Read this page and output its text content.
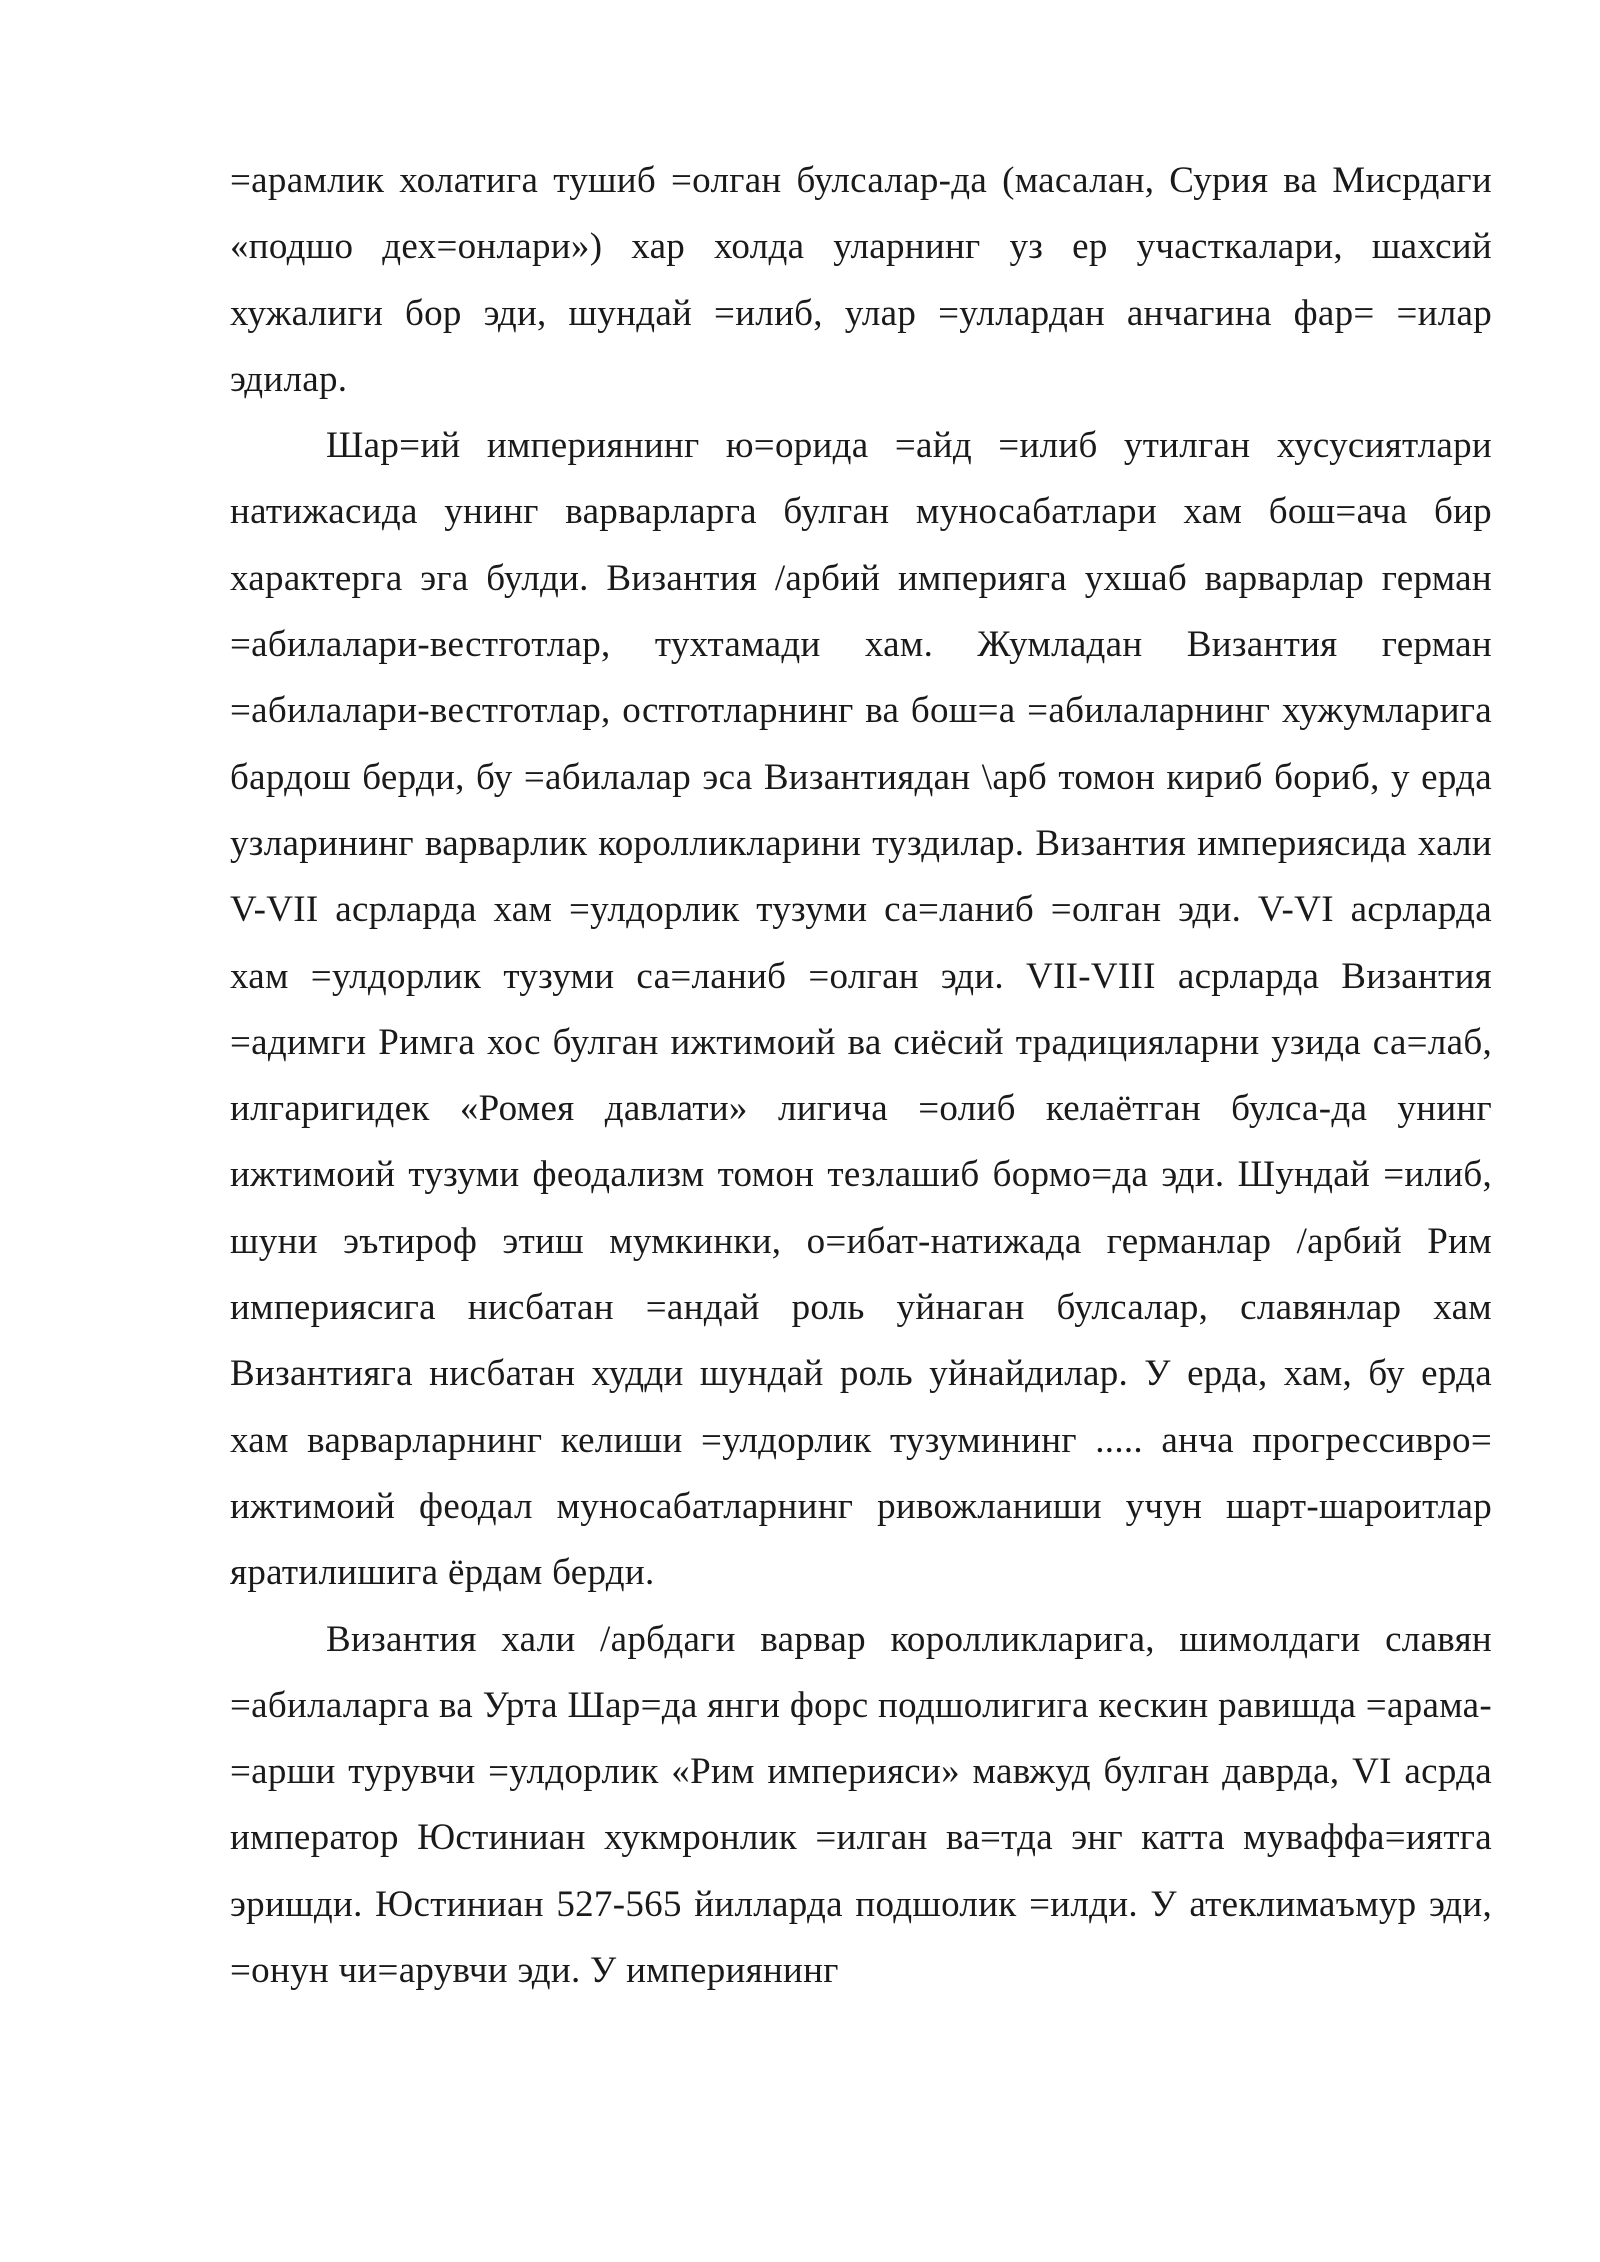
=арамлик холатига тушиб =олган булсалар-да (масалан, Сурия ва Мисрдаги «подшо дех=онлари») хар холда уларнинг уз ер участкалари, шахсий хужалиги бор эди, шундай =илиб, улар =уллардан анчагина фар= =илар эдилар.

Шар=ий империянинг ю=орида =айд =илиб утилган хусусиятлари натижасида унинг варварларга булган муносабатлари хам бош=ача бир характерга эга булди. Византия /арбий империяга ухшаб варварлар герман =абилалари-вестготлар, тухтамади хам. Жумладан Византия герман =абилалари-вестготлар, остготларнинг ва бош=а =абилаларнинг хужумларига бардош берди, бу =абилалар эса Византиядан \арб томон кириб бориб, у ерда узларининг варварлик королликларини туздилар. Византия империясида хали V-VII асрларда хам =улдорлик тузуми са=ланиб =олган эди. V-VI асрларда хам =улдорлик тузуми са=ланиб =олган эди. VII-VIII асрларда Византия =адимги Римга хос булган ижтимоий ва сиёсий традицияларни узида са=лаб, илгаригидек «Ромея давлати» лигича =олиб келаётган булса-да унинг ижтимоий тузуми феодализм томон тезлашиб бормо=да эди. Шундай =илиб, шуни эътироф этиш мумкинки, о=ибат-натижада германлар /арбий Рим империясига нисбатан =андай роль уйнаган булсалар, славянлар хам Византияга нисбатан худди шундай роль уйнайдилар. У ерда, хам, бу ерда хам варварларнинг келиши =улдорлик тузумининг ..... анча прогрессивро= ижтимоий феодал муносабатларнинг ривожланиши учун шарт-шароитлар яратилишига ёрдам берди.

Византия хали /арбдаги варвар королликларига, шимолдаги славян =абилаларга ва Урта Шар=да янги форс подшолигига кескин равишда =арама-=арши турувчи =улдорлик «Рим империяси» мавжуд булган даврда, VI асрда император Юстиниан хукмронлик =илган ва=тда энг катта муваффа=иятга эришди. Юстиниан 527-565 йилларда подшолик =илди. У атеклимаъмур эди, =онун чи=арувчи эди. У империянинг
